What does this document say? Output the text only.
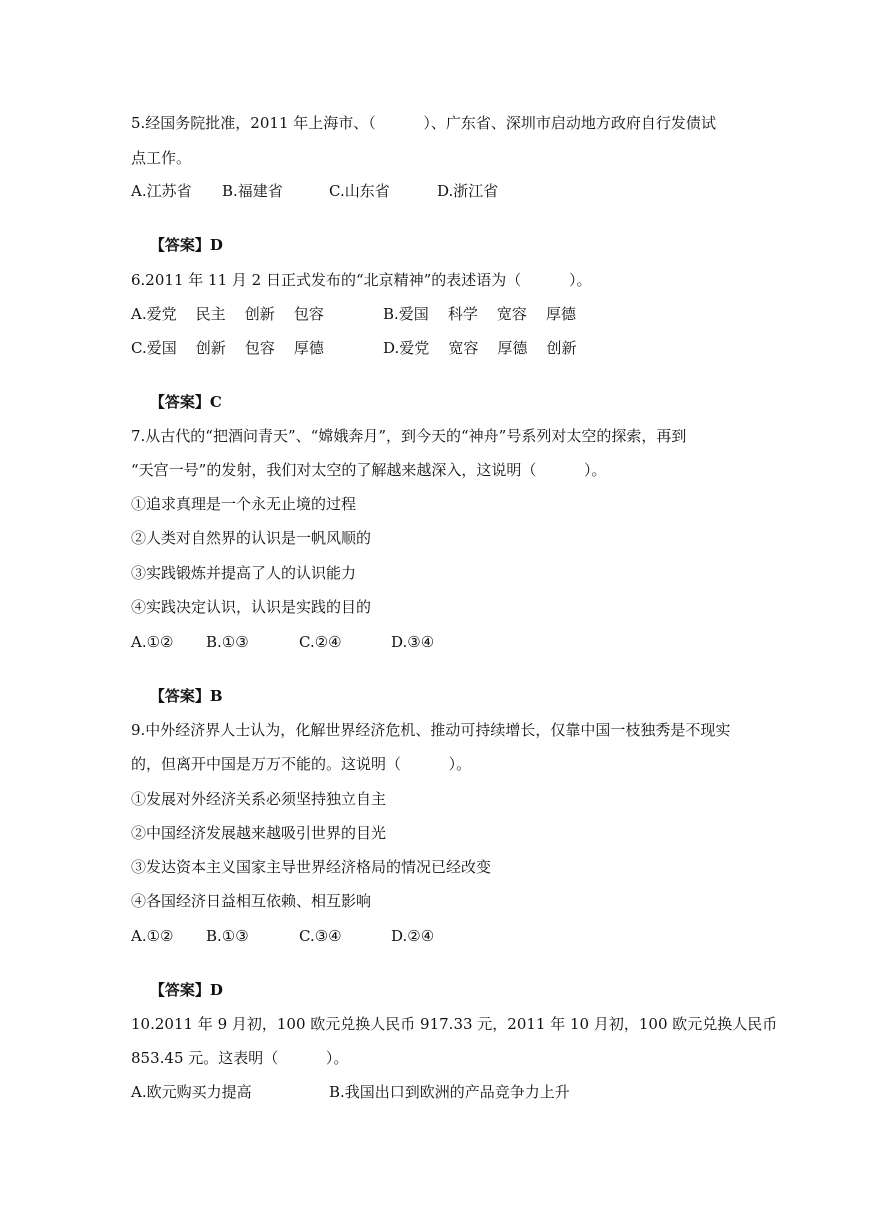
5.经国务院批准，2011 年上海市、（          ）、广东省、深圳市启动地方政府自行发债试
点工作。
A.江苏省 B.福建省	C.山东省	D.浙江省

【答案】D

6.2011 年 11 月 2 日正式发布的“北京精神”的表述语为（          ）。
A.爱党    民主    创新    包容	B.爱国    科学    宽容    厚德
C.爱国    创新    包容    厚德	D.爱党    宽容    厚德    创新

【答案】C

7.从古代的“把酒问青天”、“嫦娥奔月”，到今天的“神舟”号系列对太空的探索，再到
“天宫一号”的发射，我们对太空的了解越来越深入，这说明（          ）。
①追求真理是一个永无止境的过程
②人类对自然界的认识是一帆风顺的
③实践锻炼并提高了人的认识能力
④实践决定认识，认识是实践的目的
A.①② B.①③	C.②④	D.③④

【答案】B

9.中外经济界人士认为，化解世界经济危机、推动可持续增长，仅靠中国一枝独秀是不现实
的，但离开中国是万万不能的。这说明（          ）。
①发展对外经济关系必须坚持独立自主
②中国经济发展越来越吸引世界的目光
③发达资本主义国家主导世界经济格局的情况已经改变
④各国经济日益相互依赖、相互影响
A.①② B.①③	C.③④	D.②④

【答案】D

10.2011 年 9 月初，100 欧元兑换人民币 917.33 元，2011 年 10 月初，100 欧元兑换人民币
853.45 元。这表明（          ）。
A.欧元购买力提高	B.我国出口到欧洲的产品竞争力上升
